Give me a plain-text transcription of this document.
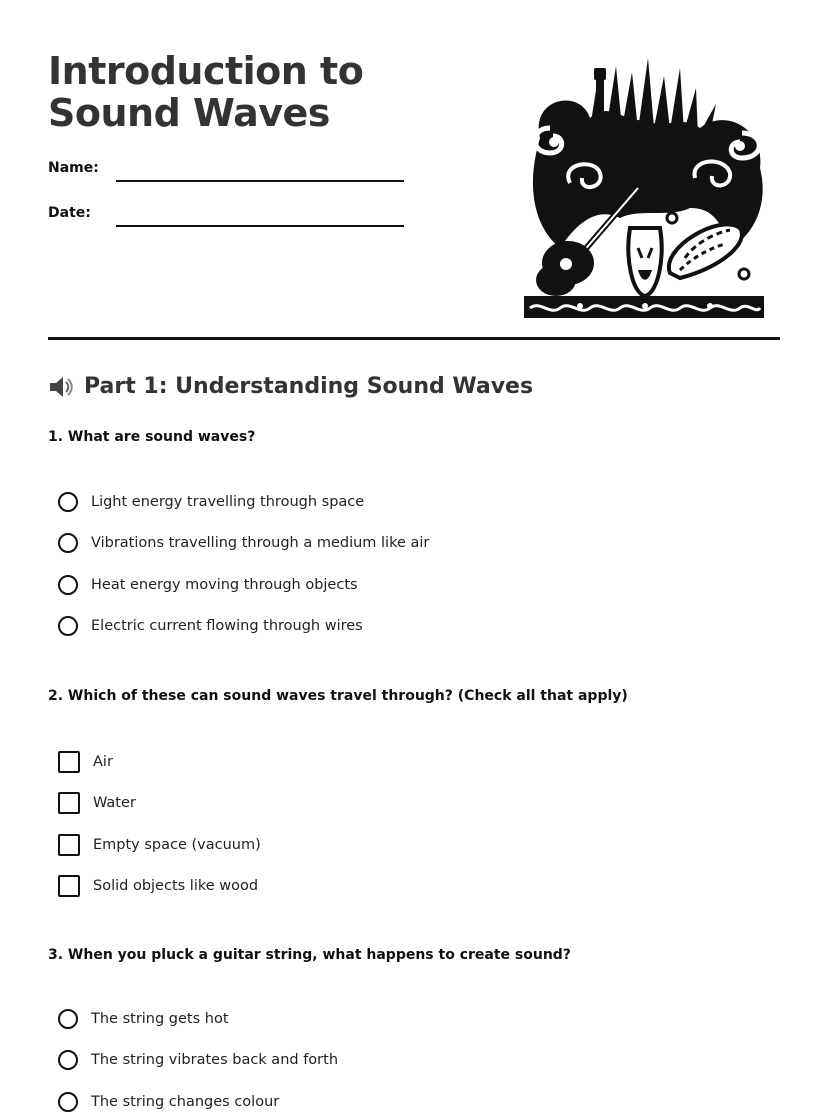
Introduction to Sound Waves
Name:
Date:
Part 1: Understanding Sound Waves
1. What are sound waves?
Light energy travelling through space
Vibrations travelling through a medium like air
Heat energy moving through objects
Electric current flowing through wires
2. Which of these can sound waves travel through? (Check all that apply)
Air
Water
Empty space (vacuum)
Solid objects like wood
3. When you pluck a guitar string, what happens to create sound?
The string gets hot
The string vibrates back and forth
The string changes colour
